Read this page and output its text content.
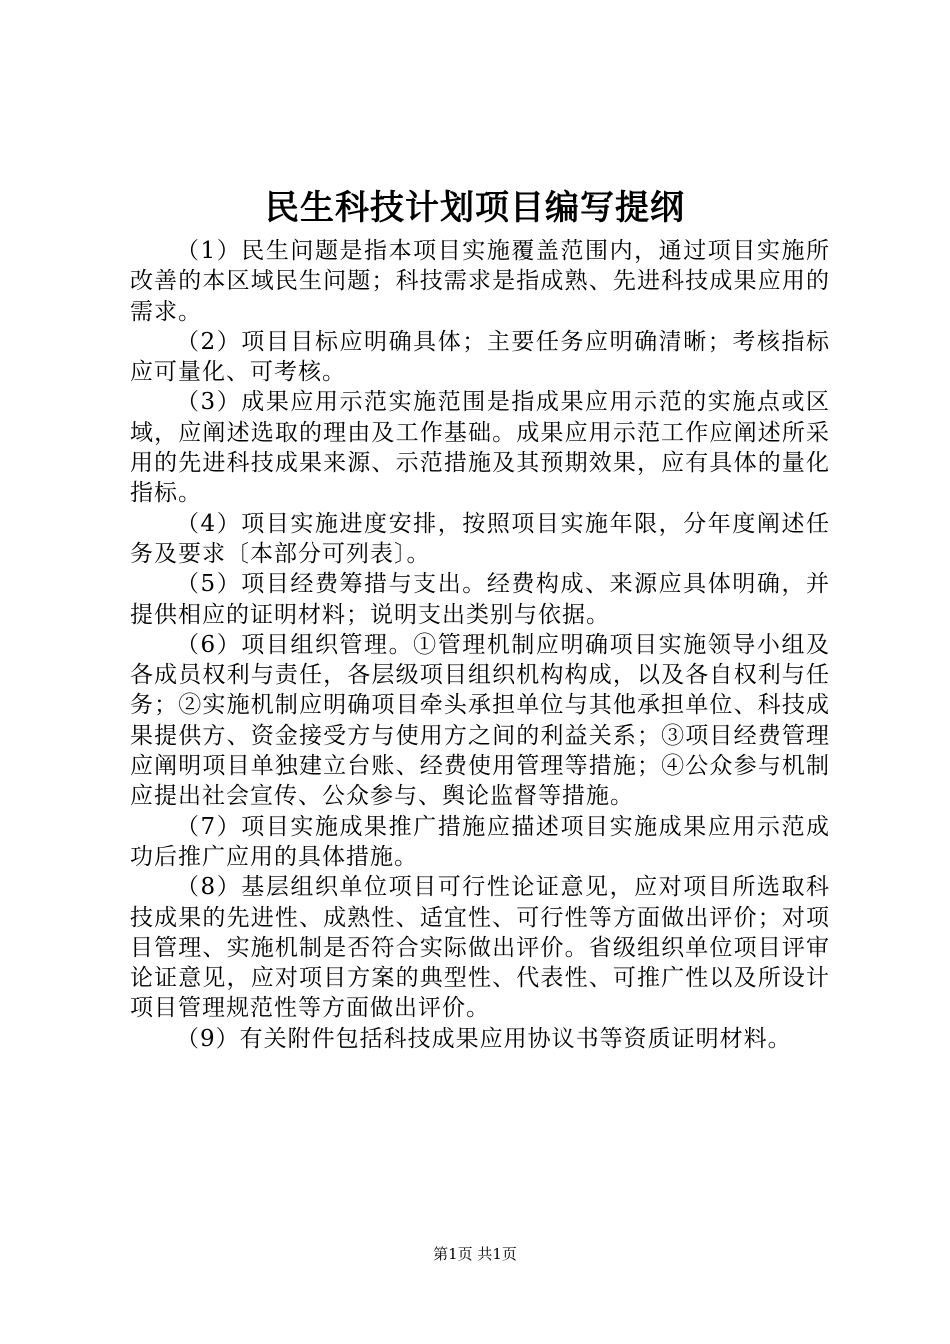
民生科技计划项目编写提纲

（1）民生问题是指本项目实施覆盖范围内，通过项目实施所改善的本区域民生问题；科技需求是指成熟、先进科技成果应用的需求。

（2）项目目标应明确具体；主要任务应明确清晰；考核指标应可量化、可考核。

（3）成果应用示范实施范围是指成果应用示范的实施点或区域，应阐述选取的理由及工作基础。成果应用示范工作应阐述所采用的先进科技成果来源、示范措施及其预期效果，应有具体的量化指标。

（4）项目实施进度安排，按照项目实施年限，分年度阐述任务及要求〔本部分可列表〕。

（5）项目经费筹措与支出。经费构成、来源应具体明确，并提供相应的证明材料；说明支出类别与依据。

（6）项目组织管理。①管理机制应明确项目实施领导小组及各成员权利与责任，各层级项目组织机构构成，以及各自权利与任务；②实施机制应明确项目牵头承担单位与其他承担单位、科技成果提供方、资金接受方与使用方之间的利益关系；③项目经费管理应阐明项目单独建立台账、经费使用管理等措施；④公众参与机制应提出社会宣传、公众参与、舆论监督等措施。

（7）项目实施成果推广措施应描述项目实施成果应用示范成功后推广应用的具体措施。

（8）基层组织单位项目可行性论证意见，应对项目所选取科技成果的先进性、成熟性、适宜性、可行性等方面做出评价；对项目管理、实施机制是否符合实际做出评价。省级组织单位项目评审论证意见，应对项目方案的典型性、代表性、可推广性以及所设计项目管理规范性等方面做出评价。

（9）有关附件包括科技成果应用协议书等资质证明材料。

第1页 共1页
